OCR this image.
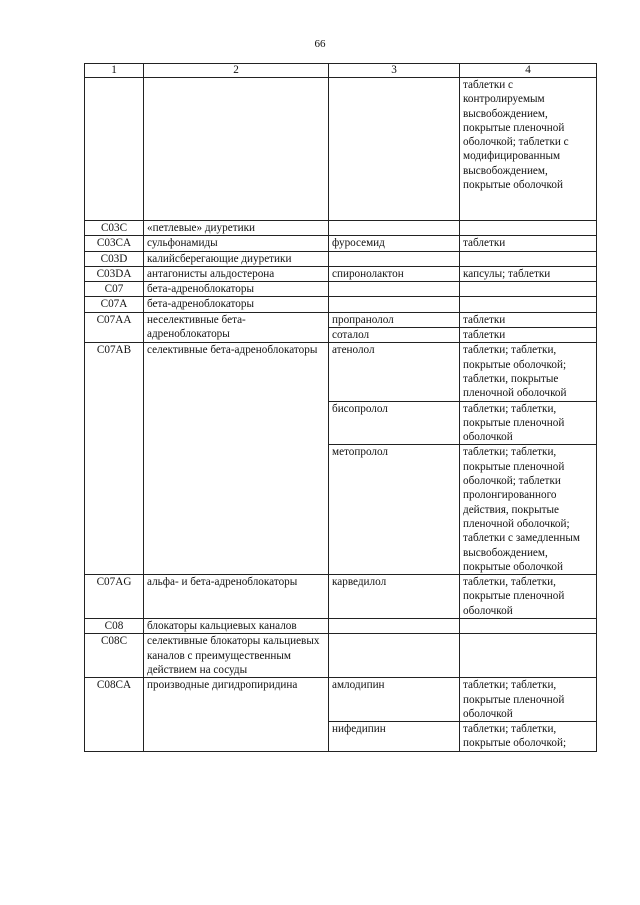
66
1	2	3	4
			таблетки с контролируемым высвобождением, покрытые пленочной оболочкой; таблетки с модифицированным высвобождением, покрытые оболочкой
C03C	«петлевые» диуретики		
C03CA	сульфонамиды	фуросемид	таблетки
C03D	калийсберегающие диуретики		
C03DA	антагонисты альдостерона	спиронолактон	капсулы; таблетки
C07	бета-адреноблокаторы		
C07A	бета-адреноблокаторы		
C07AA	неселективные бета-адреноблокаторы	пропранолол	таблетки
		соталол	таблетки
C07AB	селективные бета-адреноблокаторы	атенолол	таблетки; таблетки, покрытые оболочкой; таблетки, покрытые пленочной оболочкой
		бисопролол	таблетки; таблетки, покрытые пленочной оболочкой
		метопролол	таблетки; таблетки, покрытые пленочной оболочкой; таблетки пролонгированного действия, покрытые пленочной оболочкой; таблетки с замедленным высвобождением, покрытые оболочкой
C07AG	альфа- и бета-адреноблокаторы	карведилол	таблетки, таблетки, покрытые пленочной оболочкой
C08	блокаторы кальциевых каналов		
C08C	селективные блокаторы кальциевых каналов с преимущественным действием на сосуды		
C08CA	производные дигидропиридина	амлодипин	таблетки; таблетки, покрытые пленочной оболочкой
		нифедипин	таблетки; таблетки, покрытые оболочкой;
